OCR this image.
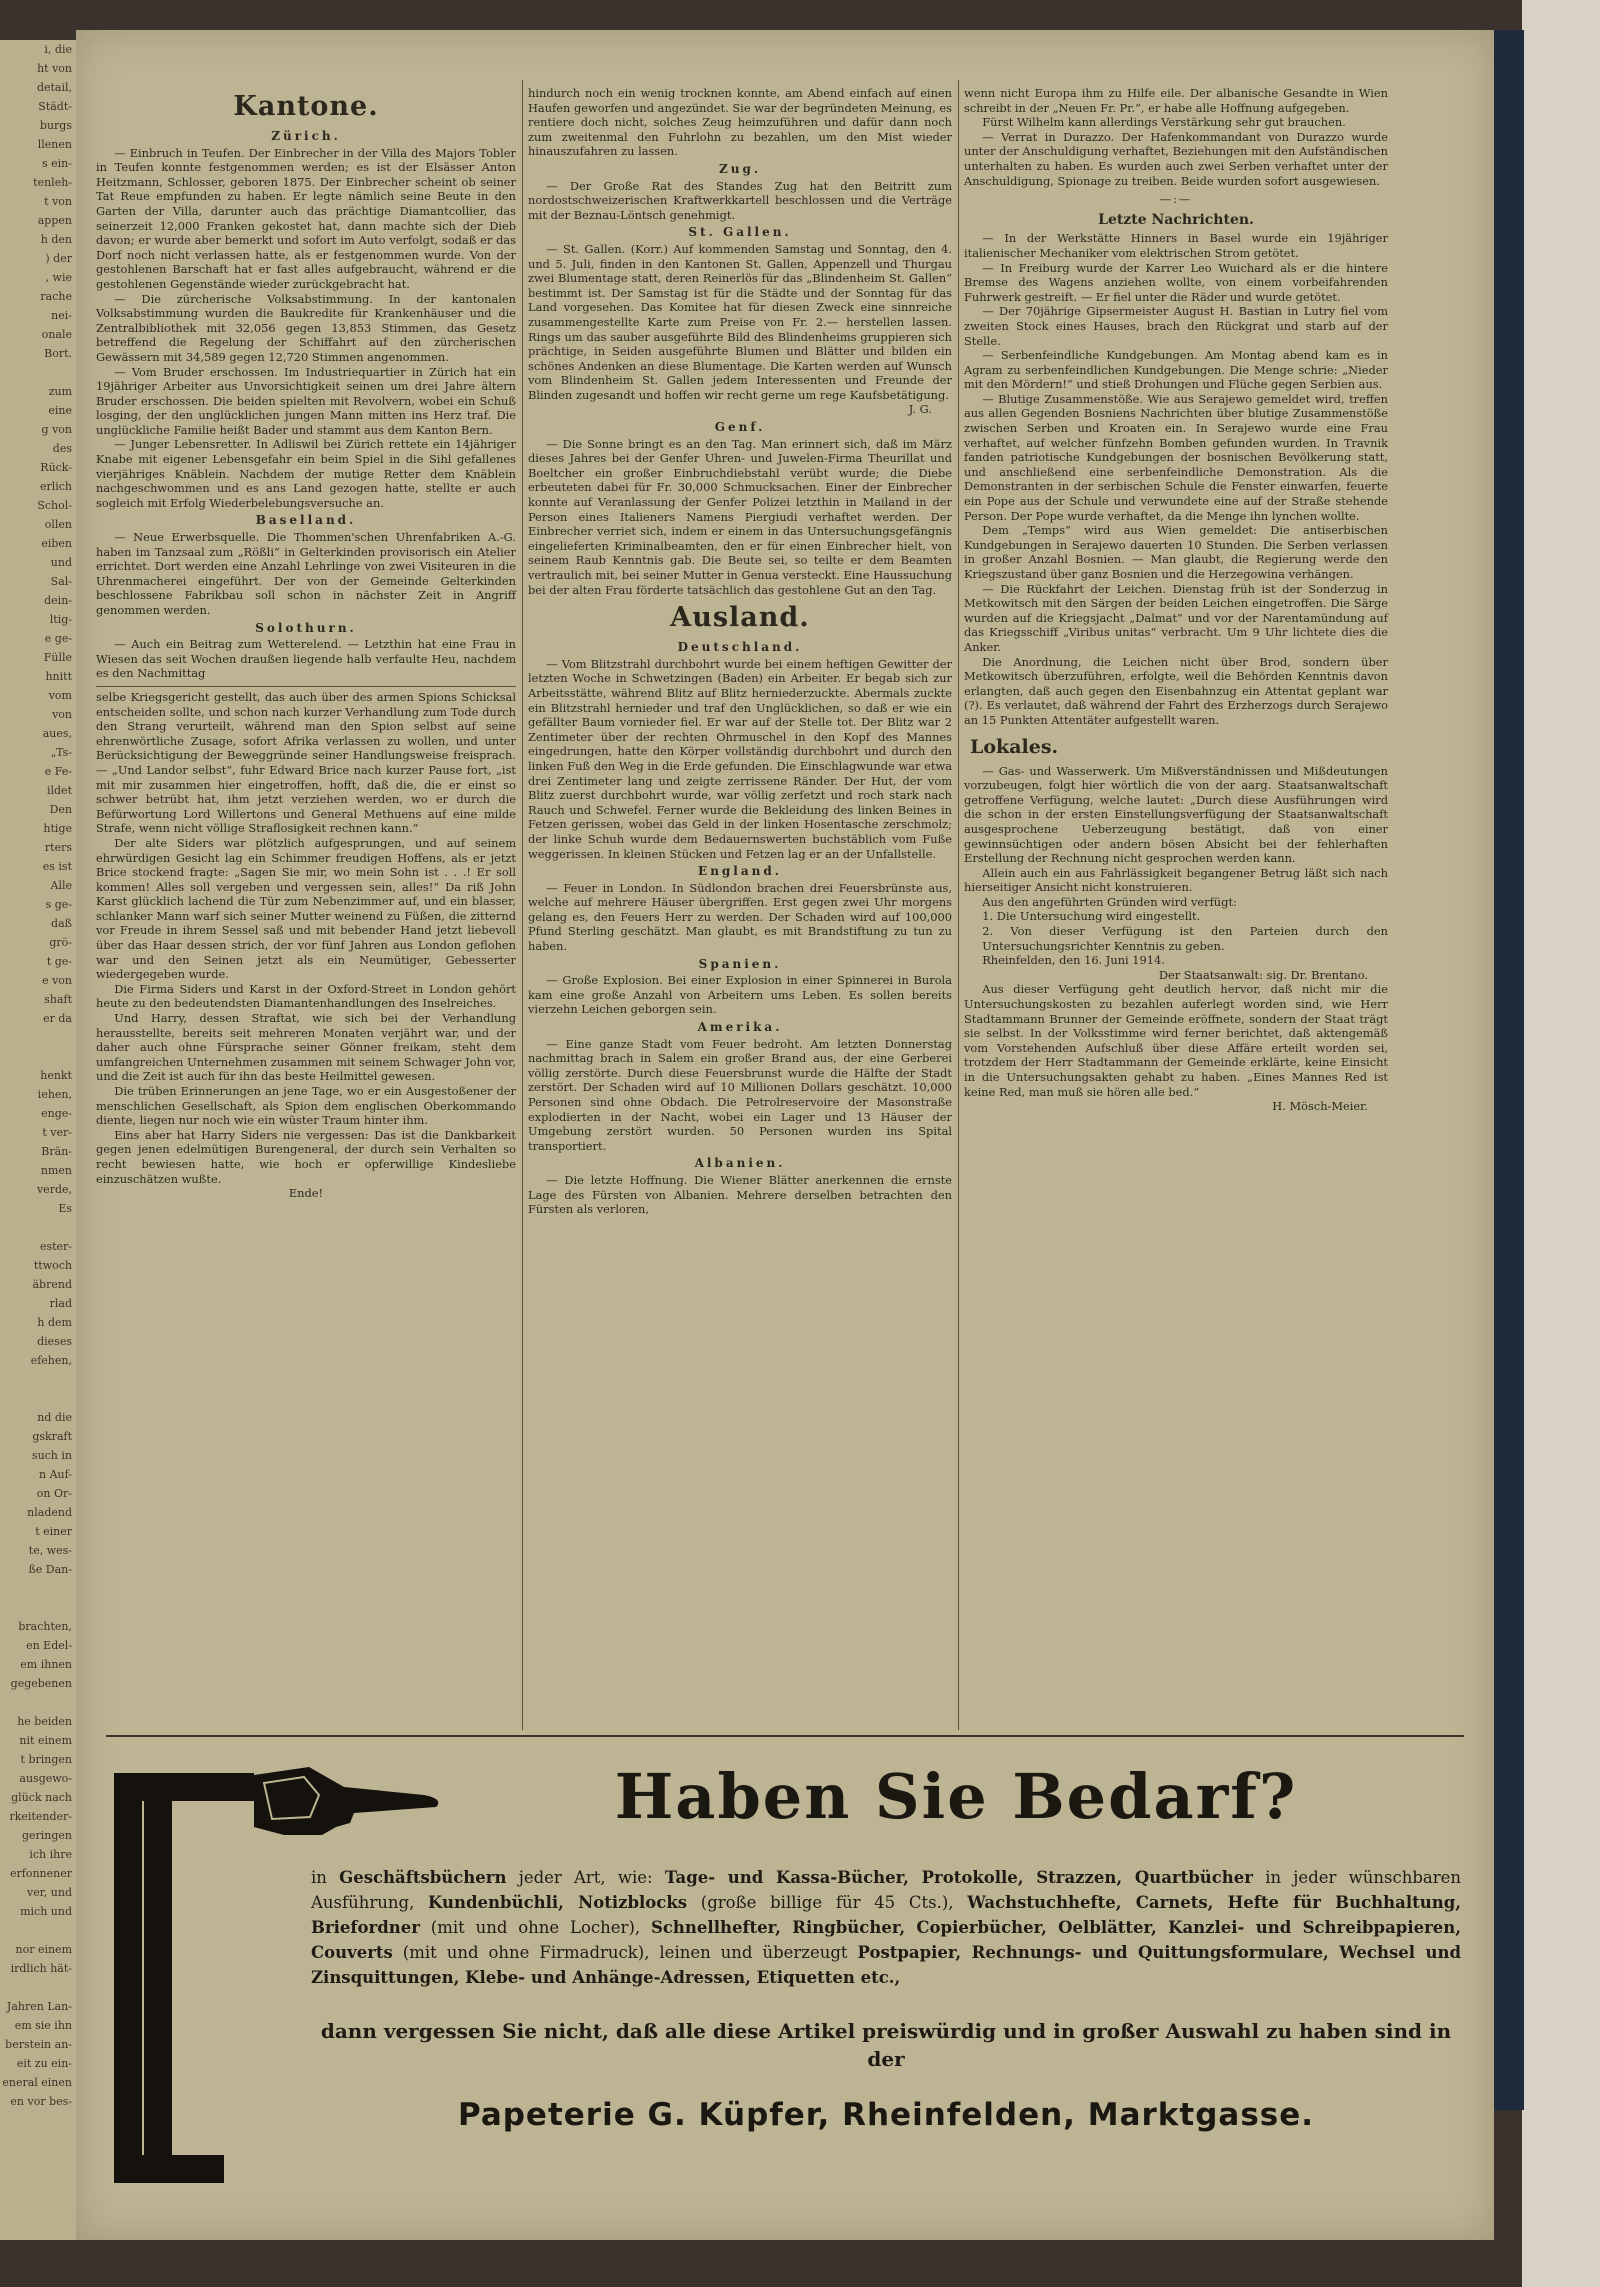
i, die

ht von

detail,

Städt-

burgs

llenen

s ein-

tenleh-

t von

appen

h den

) der

, wie

rache

nei-

onale

Bort.

zum

eine

g von

des

Rück-

erlich

Schol-

ollen

eiben

und

Sal-

dein-

ltig-

e ge-

Fülle

hnitt

vom

von

aues,

„Ts-

e Fe-

ildet

Den

htige

rters

es ist

Alle

s ge-

daß

grö-

t ge-

e von

shaft

er da

henkt

iehen,

enge-

t ver-

Brän-

nmen

verde,

Es

ester-

ttwoch

äbrend

rlad

h dem

dieses

efehen,

nd die

gskraft

such in

n Auf-

on Or-

nladend

t einer

te, wes-

ße Dan-

brachten,

en Edel-

em ihnen

gegebenen

he beiden

nit einem

t bringen

ausgewo-

glück nach

rkeitender-

geringen

ich ihre

erfonnener

ver, und

mich und

nor einem

irdlich hät-

Jahren Lan-

em sie ihn

berstein an-

eit zu ein-

eneral einen

en vor bes-

Kantone.
Zürich.

— Einbruch in Teufen. Der Einbrecher in der Villa des Majors Tobler in Teufen konnte festgenommen werden; es ist der Elsässer Anton Heitzmann, Schlosser, geboren 1875. Der Einbrecher scheint ob seiner Tat Reue empfunden zu haben. Er legte nämlich seine Beute in den Garten der Villa, darunter auch das prächtige Diamantcollier, das seinerzeit 12,000 Franken gekostet hat, dann machte sich der Dieb davon; er wurde aber bemerkt und sofort im Auto verfolgt, sodaß er das Dorf noch nicht verlassen hatte, als er festgenommen wurde. Von der gestohlenen Barschaft hat er fast alles aufgebraucht, während er die gestohlenen Gegenstände wieder zurückgebracht hat.

— Die zürcherische Volksabstimmung. In der kantonalen Volksabstimmung wurden die Baukredite für Krankenhäuser und die Zentralbibliothek mit 32,056 gegen 13,853 Stimmen, das Gesetz betreffend die Regelung der Schiffahrt auf den zürcherischen Gewässern mit 34,589 gegen 12,720 Stimmen angenommen.

— Vom Bruder erschossen. Im Industriequartier in Zürich hat ein 19jähriger Arbeiter aus Unvorsichtigkeit seinen um drei Jahre ältern Bruder erschossen. Die beiden spielten mit Revolvern, wobei ein Schuß losging, der den unglücklichen jungen Mann mitten ins Herz traf. Die unglückliche Familie heißt Bader und stammt aus dem Kanton Bern.

— Junger Lebensretter. In Adliswil bei Zürich rettete ein 14jähriger Knabe mit eigener Lebensgefahr ein beim Spiel in die Sihl gefallenes vierjähriges Knäblein. Nachdem der mutige Retter dem Knäblein nachgeschwommen und es ans Land gezogen hatte, stellte er auch sogleich mit Erfolg Wiederbelebungsversuche an.

Baselland.

— Neue Erwerbsquelle. Die Thommen'schen Uhrenfabriken A.-G. haben im Tanzsaal zum „Rößli“ in Gelterkinden provisorisch ein Atelier errichtet. Dort werden eine Anzahl Lehrlinge von zwei Visiteuren in die Uhrenmacherei eingeführt. Der von der Gemeinde Gelterkinden beschlossene Fabrikbau soll schon in nächster Zeit in Angriff genommen werden.

Solothurn.

— Auch ein Beitrag zum Wetterelend. — Letzthin hat eine Frau in Wiesen das seit Wochen draußen liegende halb verfaulte Heu, nachdem es den Nachmittag

selbe Kriegsgericht gestellt, das auch über des armen Spions Schicksal entscheiden sollte, und schon nach kurzer Verhandlung zum Tode durch den Strang verurteilt, während man den Spion selbst auf seine ehrenwörtliche Zusage, sofort Afrika verlassen zu wollen, und unter Berücksichtigung der Beweggründe seiner Handlungsweise freisprach. — „Und Landor selbst“, fuhr Edward Brice nach kurzer Pause fort, „ist mit mir zusammen hier eingetroffen, hofft, daß die, die er einst so schwer betrübt hat, ihm jetzt verziehen werden, wo er durch die Befürwortung Lord Willertons und General Methuens auf eine milde Strafe, wenn nicht völlige Straflosigkeit rechnen kann.“

Der alte Siders war plötzlich aufgesprungen, und auf seinem ehrwürdigen Gesicht lag ein Schimmer freudigen Hoffens, als er jetzt Brice stockend fragte: „Sagen Sie mir, wo mein Sohn ist . . .! Er soll kommen! Alles soll vergeben und vergessen sein, alles!“ Da riß John Karst glücklich lachend die Tür zum Nebenzimmer auf, und ein blasser, schlanker Mann warf sich seiner Mutter weinend zu Füßen, die zitternd vor Freude in ihrem Sessel saß und mit bebender Hand jetzt liebevoll über das Haar dessen strich, der vor fünf Jahren aus London geflohen war und den Seinen jetzt als ein Neumütiger, Gebesserter wiedergegeben wurde.

Die Firma Siders und Karst in der Oxford-Street in London gehört heute zu den bedeutendsten Diamantenhandlungen des Inselreiches.

Und Harry, dessen Straftat, wie sich bei der Verhandlung herausstellte, bereits seit mehreren Monaten verjährt war, und der daher auch ohne Fürsprache seiner Gönner freikam, steht dem umfangreichen Unternehmen zusammen mit seinem Schwager John vor, und die Zeit ist auch für ihn das beste Heilmittel gewesen.

Die trüben Erinnerungen an jene Tage, wo er ein Ausgestoßener der menschlichen Gesellschaft, als Spion dem englischen Oberkommando diente, liegen nur noch wie ein wüster Traum hinter ihm.

Eins aber hat Harry Siders nie vergessen: Das ist die Dankbarkeit gegen jenen edelmütigen Burengeneral, der durch sein Verhalten so recht bewiesen hatte, wie hoch er opferwillige Kindesliebe einzuschätzen wußte.

Ende!

hindurch noch ein wenig trocknen konnte, am Abend einfach auf einen Haufen geworfen und angezündet. Sie war der begründeten Meinung, es rentiere doch nicht, solches Zeug heimzuführen und dafür dann noch zum zweitenmal den Fuhrlohn zu bezahlen, um den Mist wieder hinauszufahren zu lassen.

Zug.

— Der Große Rat des Standes Zug hat den Beitritt zum nordostschweizerischen Kraftwerkkartell beschlossen und die Verträge mit der Beznau-Löntsch genehmigt.

St. Gallen.

— St. Gallen. (Korr.) Auf kommenden Samstag und Sonntag, den 4. und 5. Juli, finden in den Kantonen St. Gallen, Appenzell und Thurgau zwei Blumentage statt, deren Reinerlös für das „Blindenheim St. Gallen“ bestimmt ist. Der Samstag ist für die Städte und der Sonntag für das Land vorgesehen. Das Komitee hat für diesen Zweck eine sinnreiche zusammengestellte Karte zum Preise von Fr. 2.— herstellen lassen. Rings um das sauber ausgeführte Bild des Blindenheims gruppieren sich prächtige, in Seiden ausgeführte Blumen und Blätter und bilden ein schönes Andenken an diese Blumentage. Die Karten werden auf Wunsch vom Blindenheim St. Gallen jedem Interessenten und Freunde der Blinden zugesandt und hoffen wir recht gerne um rege Kaufsbetätigung.

J. G.

Genf.

— Die Sonne bringt es an den Tag. Man erinnert sich, daß im März dieses Jahres bei der Genfer Uhren- und Juwelen-Firma Theurillat und Boeltcher ein großer Einbruchdiebstahl verübt wurde; die Diebe erbeuteten dabei für Fr. 30,000 Schmucksachen. Einer der Einbrecher konnte auf Veranlassung der Genfer Polizei letzthin in Mailand in der Person eines Italieners Namens Piergiudi verhaftet werden. Der Einbrecher verriet sich, indem er einem in das Untersuchungsgefängnis eingelieferten Kriminalbeamten, den er für einen Einbrecher hielt, von seinem Raub Kenntnis gab. Die Beute sei, so teilte er dem Beamten vertraulich mit, bei seiner Mutter in Genua versteckt. Eine Haussuchung bei der alten Frau förderte tatsächlich das gestohlene Gut an den Tag.

Ausland.
Deutschland.

— Vom Blitzstrahl durchbohrt wurde bei einem heftigen Gewitter der letzten Woche in Schwetzingen (Baden) ein Arbeiter. Er begab sich zur Arbeitsstätte, während Blitz auf Blitz herniederzuckte. Abermals zuckte ein Blitzstrahl hernieder und traf den Unglücklichen, so daß er wie ein gefällter Baum vornieder fiel. Er war auf der Stelle tot. Der Blitz war 2 Zentimeter über der rechten Ohrmuschel in den Kopf des Mannes eingedrungen, hatte den Körper vollständig durchbohrt und durch den linken Fuß den Weg in die Erde gefunden. Die Einschlagwunde war etwa drei Zentimeter lang und zeigte zerrissene Ränder. Der Hut, der vom Blitz zuerst durchbohrt wurde, war völlig zerfetzt und roch stark nach Rauch und Schwefel. Ferner wurde die Bekleidung des linken Beines in Fetzen gerissen, wobei das Geld in der linken Hosentasche zerschmolz; der linke Schuh wurde dem Bedauernswerten buchstäblich vom Fuße weggerissen. In kleinen Stücken und Fetzen lag er an der Unfallstelle.

England.

— Feuer in London. In Südlondon brachen drei Feuersbrünste aus, welche auf mehrere Häuser übergriffen. Erst gegen zwei Uhr morgens gelang es, den Feuers Herr zu werden. Der Schaden wird auf 100,000 Pfund Sterling geschätzt. Man glaubt, es mit Brandstiftung zu tun zu haben.

Spanien.

— Große Explosion. Bei einer Explosion in einer Spinnerei in Burola kam eine große Anzahl von Arbeitern ums Leben. Es sollen bereits vierzehn Leichen geborgen sein.

Amerika.

— Eine ganze Stadt vom Feuer bedroht. Am letzten Donnerstag nachmittag brach in Salem ein großer Brand aus, der eine Gerberei völlig zerstörte. Durch diese Feuersbrunst wurde die Hälfte der Stadt zerstört. Der Schaden wird auf 10 Millionen Dollars geschätzt. 10,000 Personen sind ohne Obdach. Die Petrolreservoire der Masonstraße explodierten in der Nacht, wobei ein Lager und 13 Häuser der Umgebung zerstört wurden. 50 Personen wurden ins Spital transportiert.

Albanien.

— Die letzte Hoffnung. Die Wiener Blätter anerkennen die ernste Lage des Fürsten von Albanien. Mehrere derselben betrachten den Fürsten als verloren,

wenn nicht Europa ihm zu Hilfe eile. Der albanische Gesandte in Wien schreibt in der „Neuen Fr. Pr.“, er habe alle Hoffnung aufgegeben.

Fürst Wilhelm kann allerdings Verstärkung sehr gut brauchen.

— Verrat in Durazzo. Der Hafenkommandant von Durazzo wurde unter der Anschuldigung verhaftet, Beziehungen mit den Aufständischen unterhalten zu haben. Es wurden auch zwei Serben verhaftet unter der Anschuldigung, Spionage zu treiben. Beide wurden sofort ausgewiesen.

—:—
Letzte Nachrichten.

— In der Werkstätte Hinners in Basel wurde ein 19jähriger italienischer Mechaniker vom elektrischen Strom getötet.

— In Freiburg wurde der Karrer Leo Wuichard als er die hintere Bremse des Wagens anziehen wollte, von einem vorbeifahrenden Fuhrwerk gestreift. — Er fiel unter die Räder und wurde getötet.

— Der 70jährige Gipsermeister August H. Bastian in Lutry fiel vom zweiten Stock eines Hauses, brach den Rückgrat und starb auf der Stelle.

— Serbenfeindliche Kundgebungen. Am Montag abend kam es in Agram zu serbenfeindlichen Kundgebungen. Die Menge schrie: „Nieder mit den Mördern!“ und stieß Drohungen und Flüche gegen Serbien aus.

— Blutige Zusammenstöße. Wie aus Serajewo gemeldet wird, treffen aus allen Gegenden Bosniens Nachrichten über blutige Zusammenstöße zwischen Serben und Kroaten ein. In Serajewo wurde eine Frau verhaftet, auf welcher fünfzehn Bomben gefunden wurden. In Travnik fanden patriotische Kundgebungen der bosnischen Bevölkerung statt, und anschließend eine serbenfeindliche Demonstration. Als die Demonstranten in der serbischen Schule die Fenster einwarfen, feuerte ein Pope aus der Schule und verwundete eine auf der Straße stehende Person. Der Pope wurde verhaftet, da die Menge ihn lynchen wollte.

Dem „Temps“ wird aus Wien gemeldet: Die antiserbischen Kundgebungen in Serajewo dauerten 10 Stunden. Die Serben verlassen in großer Anzahl Bosnien. — Man glaubt, die Regierung werde den Kriegszustand über ganz Bosnien und die Herzegowina verhängen.

— Die Rückfahrt der Leichen. Dienstag früh ist der Sonderzug in Metkowitsch mit den Särgen der beiden Leichen eingetroffen. Die Särge wurden auf die Kriegsjacht „Dalmat“ und vor der Narentamündung auf das Kriegsschiff „Viribus unitas“ verbracht. Um 9 Uhr lichtete dies die Anker.

Die Anordnung, die Leichen nicht über Brod, sondern über Metkowitsch überzuführen, erfolgte, weil die Behörden Kenntnis davon erlangten, daß auch gegen den Eisenbahnzug ein Attentat geplant war (?). Es verlautet, daß während der Fahrt des Erzherzogs durch Serajewo an 15 Punkten Attentäter aufgestellt waren.

Lokales.

— Gas- und Wasserwerk. Um Mißverständnissen und Mißdeutungen vorzubeugen, folgt hier wörtlich die von der aarg. Staatsanwaltschaft getroffene Verfügung, welche lautet: „Durch diese Ausführungen wird die schon in der ersten Einstellungsverfügung der Staatsanwaltschaft ausgesprochene Ueberzeugung bestätigt, daß von einer gewinnsüchtigen oder andern bösen Absicht bei der fehlerhaften Erstellung der Rechnung nicht gesprochen werden kann.

Allein auch ein aus Fahrlässigkeit begangener Betrug läßt sich nach hierseitiger Ansicht nicht konstruieren.

Aus den angeführten Gründen wird verfügt:

1. Die Untersuchung wird eingestellt.

2. Von dieser Verfügung ist den Parteien durch den Untersuchungsrichter Kenntnis zu geben.

Rheinfelden, den 16. Juni 1914.

Der Staatsanwalt: sig. Dr. Brentano.

Aus dieser Verfügung geht deutlich hervor, daß nicht mir die Untersuchungskosten zu bezahlen auferlegt worden sind, wie Herr Stadtammann Brunner der Gemeinde eröffnete, sondern der Staat trägt sie selbst. In der Volksstimme wird ferner berichtet, daß aktengemäß vom Vorstehenden Aufschluß über diese Affäre erteilt worden sei, trotzdem der Herr Stadtammann der Gemeinde erklärte, keine Einsicht in die Untersuchungsakten gehabt zu haben. „Eines Mannes Red ist keine Red, man muß sie hören alle bed.“

H. Mösch-Meier.

Haben Sie Bedarf?
in Geschäftsbüchern jeder Art, wie: Tage- und Kassa-Bücher, Protokolle, Strazzen, Quartbücher in jeder wünschbaren Ausführung, Kundenbüchli, Notizblocks (große billige für 45 Cts.), Wachstuchhefte, Carnets, Hefte für Buchhaltung, Briefordner (mit und ohne Locher), Schnellhefter, Ringbücher, Copierbücher, Oelblätter, Kanzlei- und Schreibpapieren, Couverts (mit und ohne Firmadruck), leinen und überzeugt Postpapier, Rechnungs- und Quittungsformulare, Wechsel und Zinsquittungen, Klebe- und Anhänge-Adressen, Etiquetten etc.,
dann vergessen Sie nicht, daß alle diese Artikel preiswürdig und in großer Auswahl zu haben sind in der
Papeterie G. Küpfer, Rheinfelden, Marktgasse.
